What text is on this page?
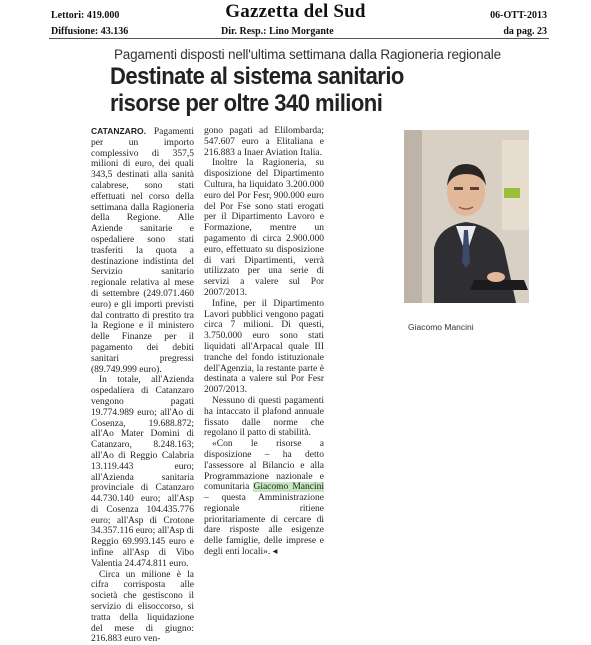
Lettori: 419.000	Gazzetta del Sud	06-OTT-2013
Diffusione: 43.136	Dir. Resp.: Lino Morgante	da pag. 23
Pagamenti disposti nell'ultima settimana dalla Ragioneria regionale
Destinate al sistema sanitario
risorse per oltre 340 milioni

CATANZARO. Pagamenti per un importo complessivo di 357,5 milioni di euro, dei quali 343,5 destinati alla sanità calabrese, sono stati effettuati nel corso della settimana dalla Ragioneria della Regione. Alle Aziende sanitarie e ospedaliere sono stati trasferiti la quota a destinazione indistinta del Servizio sanitario regionale relativa al mese di settembre (249.071.460 euro) e gli importi previsti dal contratto di prestito tra la Regione e il ministero delle Finanze per il pagamento dei debiti sanitari pregressi (89.749.999 euro).

In totale, all'Azienda ospedaliera di Catanzaro vengono pagati 19.774.989 euro; all'Ao di Cosenza, 19.688.872; all'Ao Mater Domini di Catanzaro, 8.248.163; all'Ao di Reggio Calabria 13.119.443 euro; all'Azienda sanitaria provinciale di Catanzaro 44.730.140 euro; all'Asp di Cosenza 104.435.776 euro; all'Asp di Crotone 34.357.116 euro; all'Asp di Reggio 69.993.145 euro e infine all'Asp di Vibo Valentia 24.474.811 euro.

Circa un milione è la cifra corrisposta alle società che gestiscono il servizio di elisoccorso, si tratta della liquidazione del mese di giugno: 216.883 euro ven-

gono pagati ad Elilombarda; 547.607 euro a Elitaliana e 216.883 a Inaer Aviation Italia.

Inoltre la Ragioneria, su disposizione del Dipartimento Cultura, ha liquidato 3.200.000 euro del Por Fesr, 900.000 euro del Por Fse sono stati erogati per il Dipartimento Lavoro e Formazione, mentre un pagamento di circa 2.900.000 euro, effettuato su disposizione di vari Dipartimenti, verrà utilizzato per una serie di servizi a valere sul Por 2007/2013.

Infine, per il Dipartimento Lavori pubblici vengono pagati circa 7 milioni. Di questi, 3.750.000 euro sono stati liquidati all'Arpacal quale III tranche del fondo istituzionale dell'Agenzia, la restante parte è destinata a valere sul Por Fesr 2007/2013.

Nessuno di questi pagamenti ha intaccato il plafond annuale fissato dalle norme che regolano il patto di stabilità.

«Con le risorse a disposizione – ha detto l'assessore al Bilancio e alla Programmazione nazionale e comunitaria Giacomo Mancini – questa Amministrazione regionale ritiene prioritariamente di cercare di dare risposte alle esigenze delle famiglie, delle imprese e degli enti locali». ◂

Giacomo Mancini
